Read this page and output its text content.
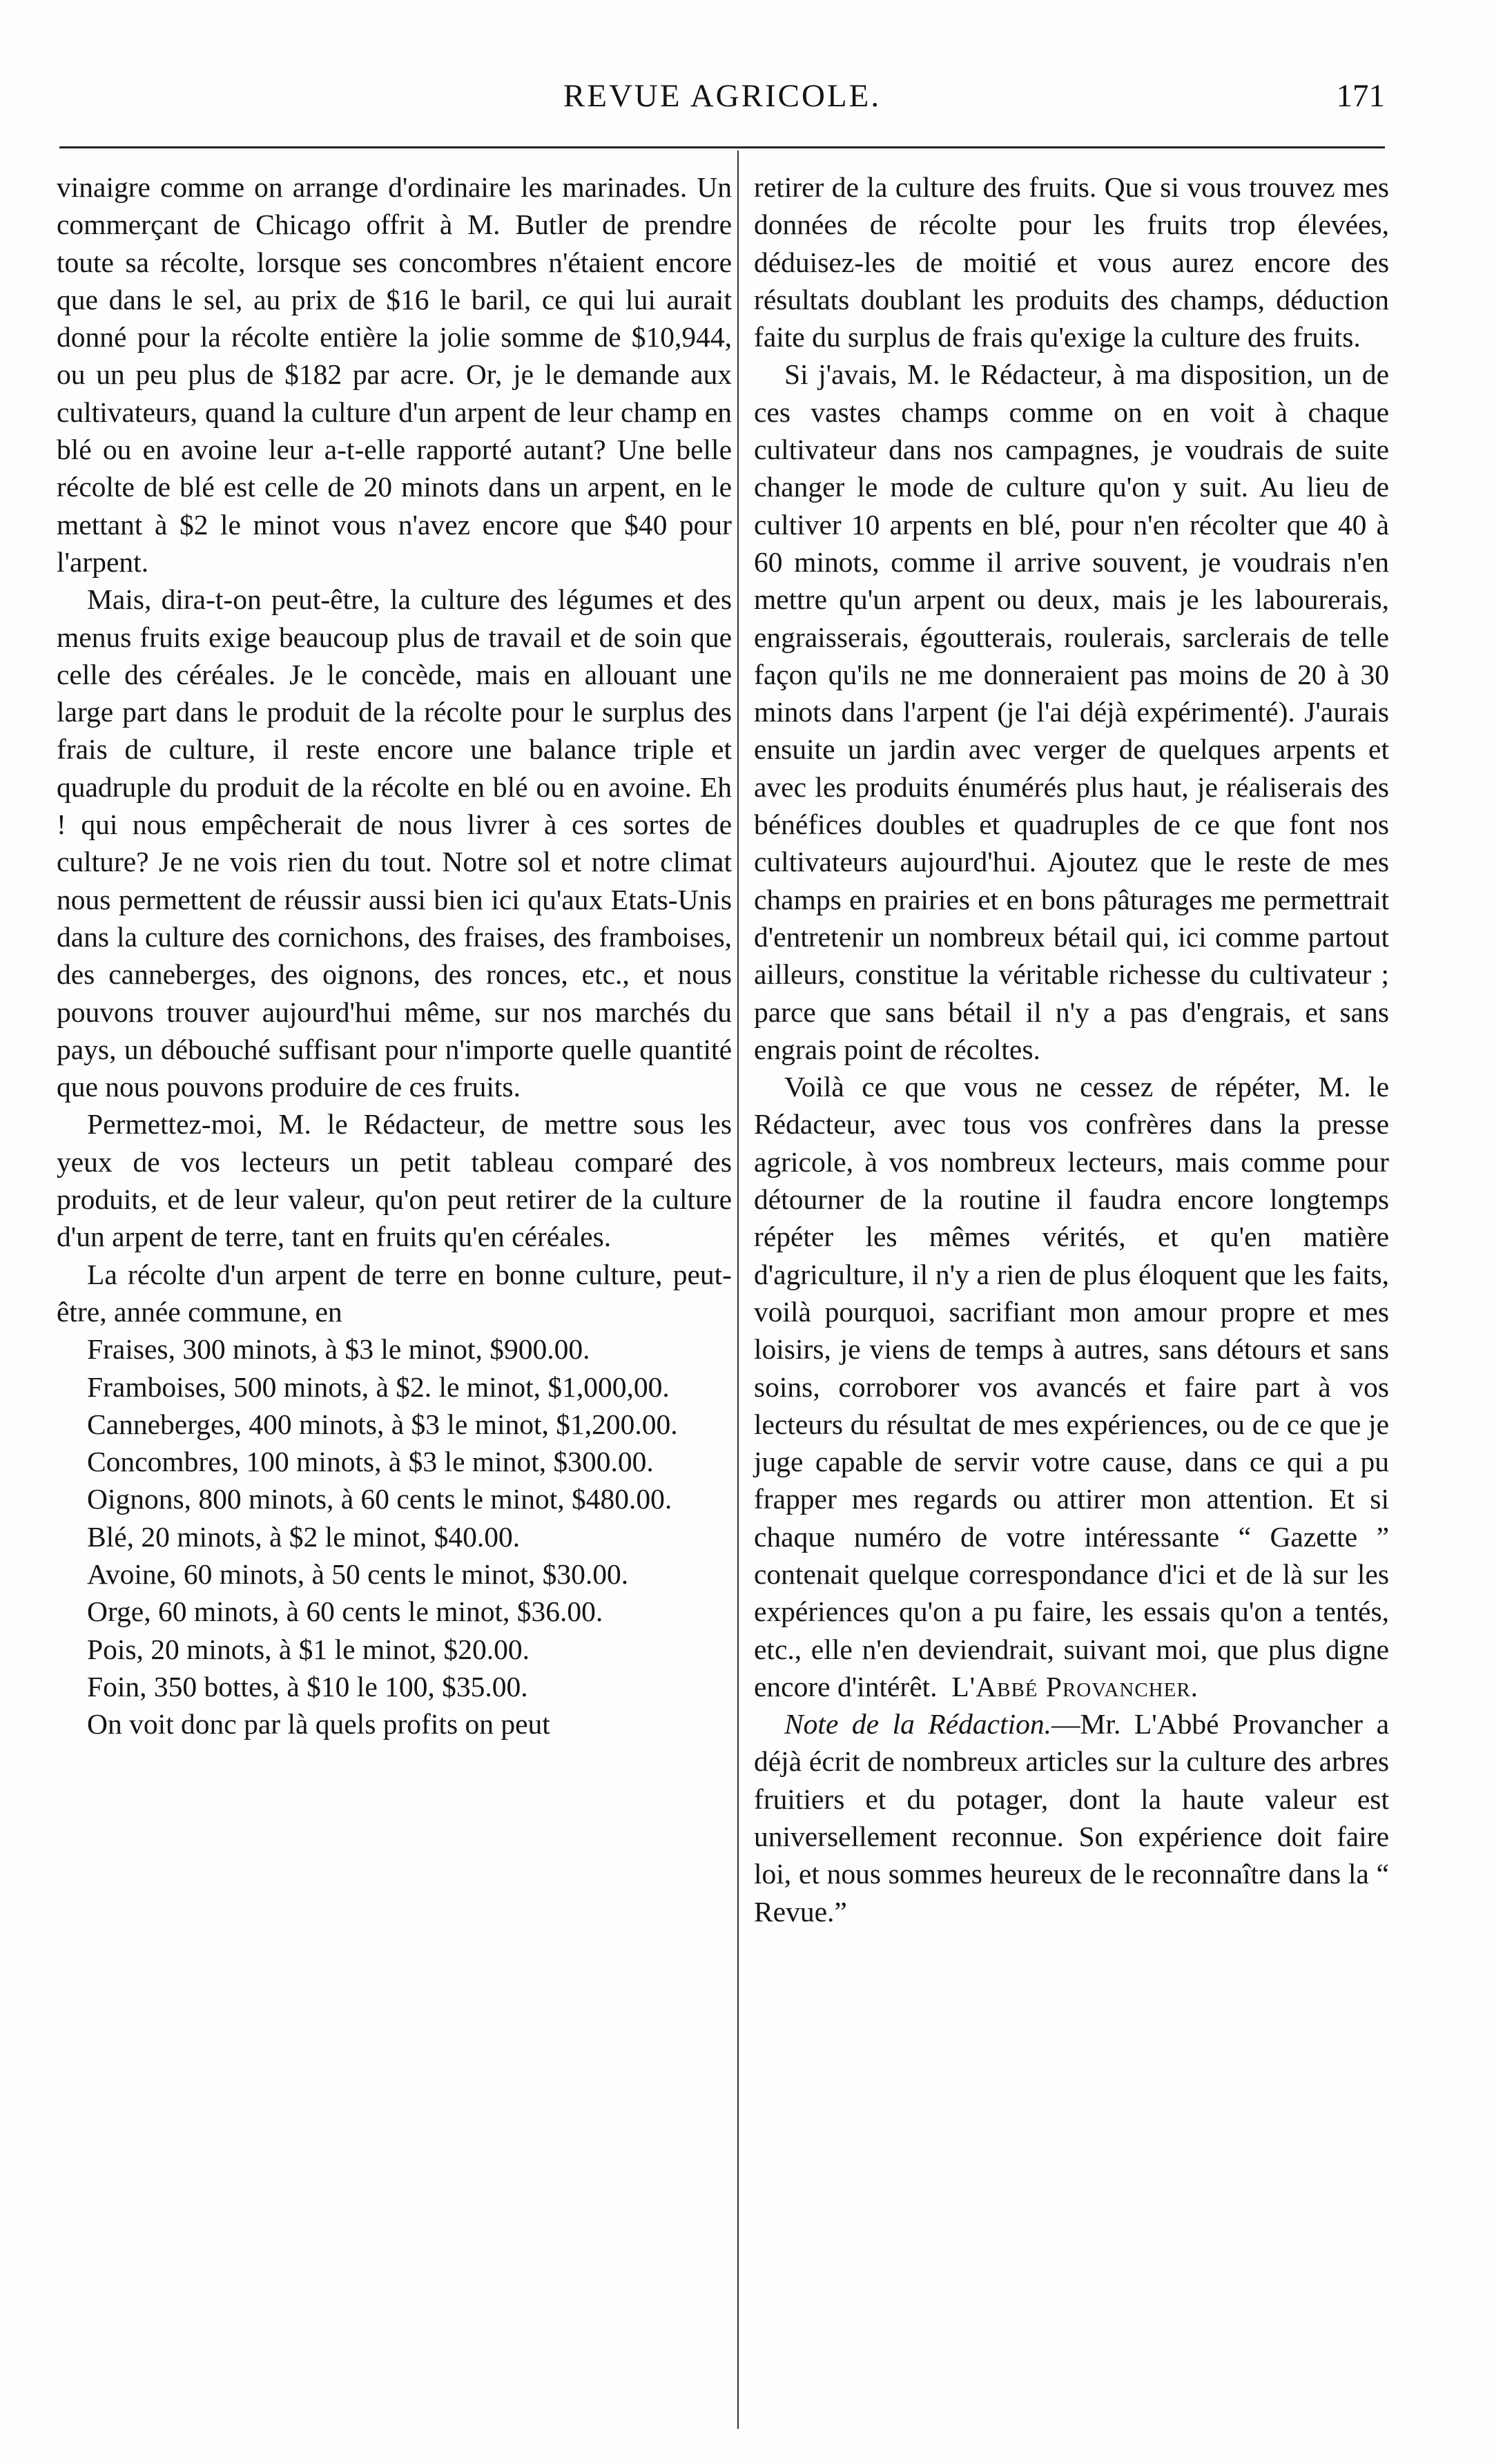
REVUE AGRICOLE.	171

vinaigre comme on arrange d'ordinaire les marinades. Un commerçant de Chicago offrit à M. Butler de prendre toute sa récolte, lorsque ses concombres n'étaient encore que dans le sel, au prix de $16 le baril, ce qui lui aurait donné pour la récolte entière la jolie somme de $10,944, ou un peu plus de $182 par acre. Or, je le demande aux cultivateurs, quand la culture d'un arpent de leur champ en blé ou en avoine leur a-t-elle rapporté autant? Une belle récolte de blé est celle de 20 minots dans un arpent, en le mettant à $2 le minot vous n'avez encore que $40 pour l'arpent.

Mais, dira-t-on peut-être, la culture des légumes et des menus fruits exige beaucoup plus de travail et de soin que celle des céréales. Je le concède, mais en allouant une large part dans le produit de la récolte pour le surplus des frais de culture, il reste encore une balance triple et quadruple du produit de la récolte en blé ou en avoine. Eh ! qui nous empêcherait de nous livrer à ces sortes de culture? Je ne vois rien du tout. Notre sol et notre climat nous permettent de réussir aussi bien ici qu'aux Etats-Unis dans la culture des cornichons, des fraises, des framboises, des canneberges, des oignons, des ronces, etc., et nous pouvons trouver aujourd'hui même, sur nos marchés du pays, un débouché suffisant pour n'importe quelle quantité que nous pouvons produire de ces fruits.

Permettez-moi, M. le Rédacteur, de mettre sous les yeux de vos lecteurs un petit tableau comparé des produits, et de leur valeur, qu'on peut retirer de la culture d'un arpent de terre, tant en fruits qu'en céréales.

La récolte d'un arpent de terre en bonne culture, peut-être, année commune, en

Fraises, 300 minots, à $3 le minot, $900.00.

Framboises, 500 minots, à $2. le minot, $1,000,00.

Canneberges, 400 minots, à $3 le minot, $1,200.00.

Concombres, 100 minots, à $3 le minot, $300.00.

Oignons, 800 minots, à 60 cents le minot, $480.00.

Blé, 20 minots, à $2 le minot, $40.00.

Avoine, 60 minots, à 50 cents le minot, $30.00.

Orge, 60 minots, à 60 cents le minot, $36.00.

Pois, 20 minots, à $1 le minot, $20.00.

Foin, 350 bottes, à $10 le 100, $35.00.

On voit donc par là quels profits on peut

retirer de la culture des fruits. Que si vous trouvez mes données de récolte pour les fruits trop élevées, déduisez-les de moitié et vous aurez encore des résultats doublant les produits des champs, déduction faite du surplus de frais qu'exige la culture des fruits.

Si j'avais, M. le Rédacteur, à ma disposition, un de ces vastes champs comme on en voit à chaque cultivateur dans nos campagnes, je voudrais de suite changer le mode de culture qu'on y suit. Au lieu de cultiver 10 arpents en blé, pour n'en récolter que 40 à 60 minots, comme il arrive souvent, je voudrais n'en mettre qu'un arpent ou deux, mais je les labourerais, engraisserais, égoutterais, roulerais, sarclerais de telle façon qu'ils ne me donneraient pas moins de 20 à 30 minots dans l'arpent (je l'ai déjà expérimenté). J'aurais ensuite un jardin avec verger de quelques arpents et avec les produits énumérés plus haut, je réaliserais des bénéfices doubles et quadruples de ce que font nos cultivateurs aujourd'hui. Ajoutez que le reste de mes champs en prairies et en bons pâturages me permettrait d'entretenir un nombreux bétail qui, ici comme partout ailleurs, constitue la véritable richesse du cultivateur ; parce que sans bétail il n'y a pas d'engrais, et sans engrais point de récoltes.

Voilà ce que vous ne cessez de répéter, M. le Rédacteur, avec tous vos confrères dans la presse agricole, à vos nombreux lecteurs, mais comme pour détourner de la routine il faudra encore longtemps répéter les mêmes vérités, et qu'en matière d'agriculture, il n'y a rien de plus éloquent que les faits, voilà pourquoi, sacrifiant mon amour propre et mes loisirs, je viens de temps à autres, sans détours et sans soins, corroborer vos avancés et faire part à vos lecteurs du résultat de mes expériences, ou de ce que je juge capable de servir votre cause, dans ce qui a pu frapper mes regards ou attirer mon attention. Et si chaque numéro de votre intéressante “ Gazette ” contenait quelque correspondance d'ici et de là sur les expériences qu'on a pu faire, les essais qu'on a tentés, etc., elle n'en deviendrait, suivant moi, que plus digne encore d'intérêt. L'Abbé Provancher.

Note de la Rédaction.—Mr. L'Abbé Provancher a déjà écrit de nombreux articles sur la culture des arbres fruitiers et du potager, dont la haute valeur est universellement reconnue. Son expérience doit faire loi, et nous sommes heureux de le reconnaître dans la “ Revue.”
